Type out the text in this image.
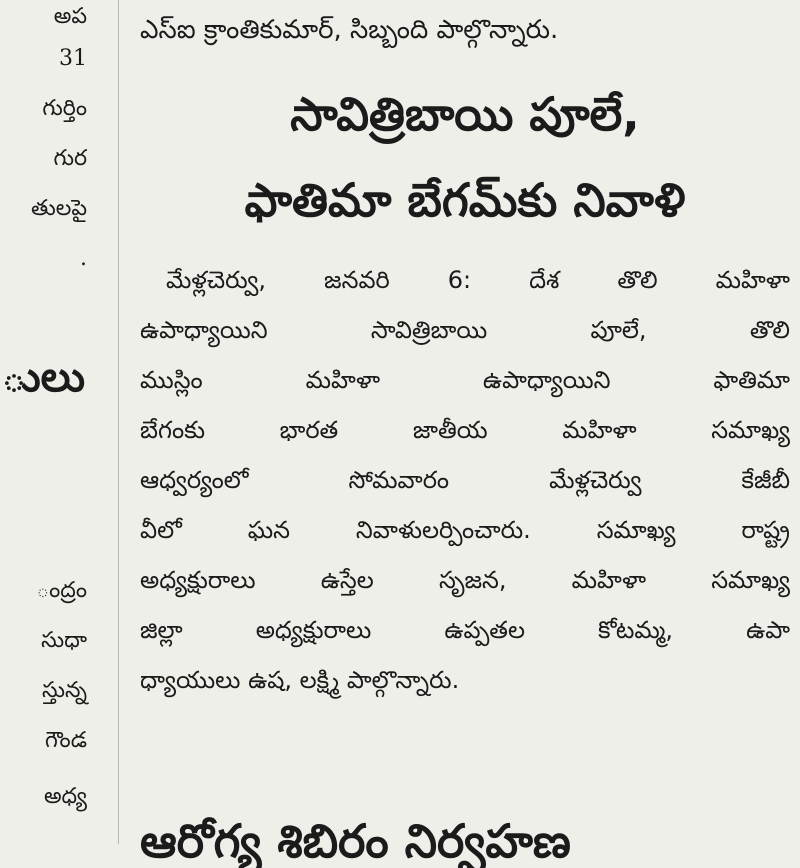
అప
31
గుర్తిం
గుర
తులపై
.
ులు
ంద్రం
సుధా
స్తున్న
గౌండ
అధ్య
ఎస్ఐ క్రాంతికుమార్, సిబ్బంది పాల్గొన్నారు.
సావిత్రిబాయి పూలే,
ఫాతిమా బేగమ్‌కు నివాళి
మేళ్లచెర్వు, జనవరి 6: దేశ తొలి మహిళా
ఉపాధ్యాయిని సావిత్రిబాయి పూలే, తొలి
ముస్లిం మహిళా ఉపాధ్యాయిని ఫాతిమా
బేగంకు భారత జాతీయ మహిళా సమాఖ్య
ఆధ్వర్యంలో సోమవారం మేళ్లచెర్వు కేజీబీ
వీలో ఘన నివాళులర్పించారు. సమాఖ్య రాష్ట్ర
అధ్యక్షురాలు ఉస్తేల సృజన, మహిళా సమాఖ్య
జిల్లా అధ్యక్షురాలు ఉప్పతల కోటమ్మ, ఉపా
ధ్యాయులు ఉష, లక్ష్మి పాల్గొన్నారు.
ఆరోగ్య శిబిరం నిర్వహణ
